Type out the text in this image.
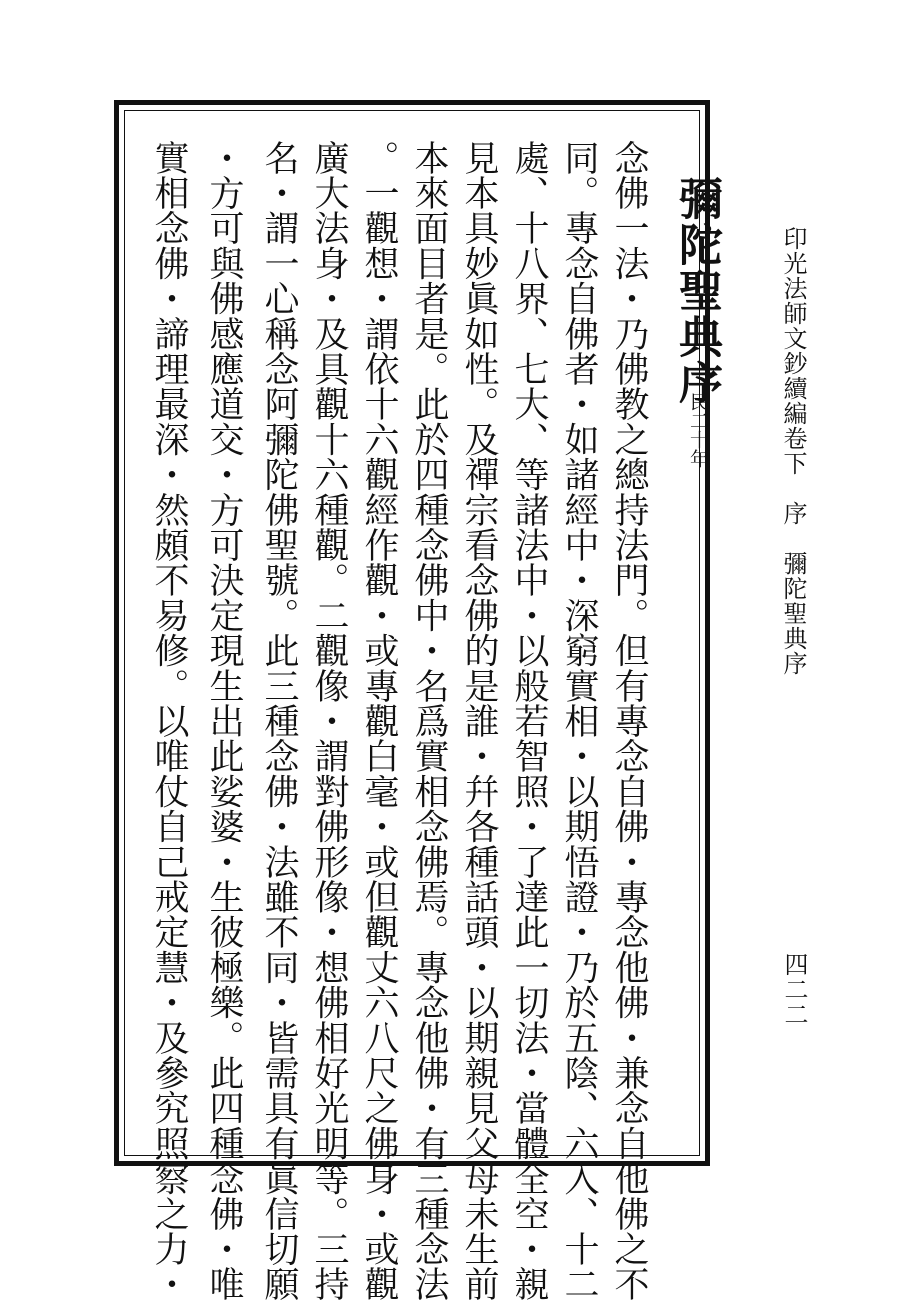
彌陀聖典序
民二十年
念佛一法・乃佛教之總持法門。但有專念自佛・專念他佛・兼念自他佛之不
同。專念自佛者・如諸經中・深窮實相・以期悟證・乃於五陰、六入、十二
處、十八界、七大、等諸法中・以般若智照・了達此一切法・當體全空・親
見本具妙眞如性。及禪宗看念佛的是誰・幷各種話頭・以期親見父母未生前
本來面目者是。此於四種念佛中・名爲實相念佛焉。專念他佛・有三種念法
。一觀想・謂依十六觀經作觀・或專觀白毫・或但觀丈六八尺之佛身・或觀
廣大法身・及具觀十六種觀。二觀像・謂對佛形像・想佛相好光明等。三持
名・謂一心稱念阿彌陀佛聖號。此三種念佛・法雖不同・皆需具有眞信切願
・方可與佛感應道交・方可決定現生出此娑婆・生彼極樂。此四種念佛・唯
實相念佛・諦理最深・然頗不易修。以唯仗自己戒定慧・及參究照察之力・	印光法師文鈔續編卷下　序　彌陀聖典序
四二二
